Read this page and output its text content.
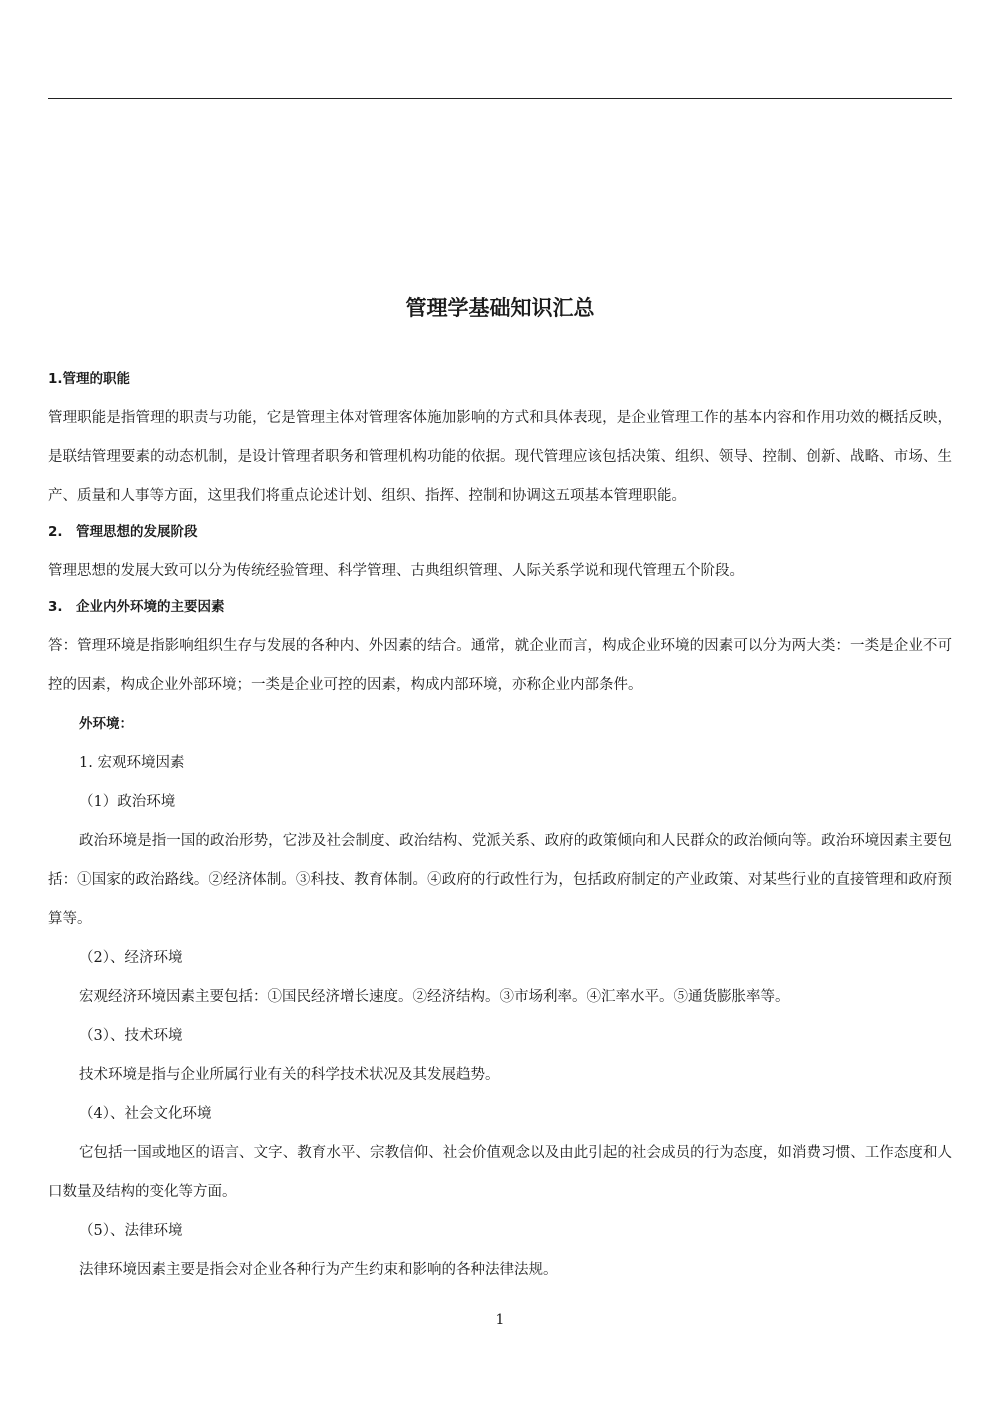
管理学基础知识汇总

1.管理的职能

管理职能是指管理的职责与功能，它是管理主体对管理客体施加影响的方式和具体表现，是企业管理工作的基本内容和作用功效的概括反映，是联结管理要素的动态机制，是设计管理者职务和管理机构功能的依据。现代管理应该包括决策、组织、领导、控制、创新、战略、市场、生产、质量和人事等方面，这里我们将重点论述计划、组织、指挥、控制和协调这五项基本管理职能。

2.　管理思想的发展阶段

管理思想的发展大致可以分为传统经验管理、科学管理、古典组织管理、人际关系学说和现代管理五个阶段。

3.　企业内外环境的主要因素

答：管理环境是指影响组织生存与发展的各种内、外因素的结合。通常，就企业而言，构成企业环境的因素可以分为两大类：一类是企业不可控的因素，构成企业外部环境；一类是企业可控的因素，构成内部环境，亦称企业内部条件。

外环境：

1. 宏观环境因素

（1）政治环境

政治环境是指一国的政治形势，它涉及社会制度、政治结构、党派关系、政府的政策倾向和人民群众的政治倾向等。政治环境因素主要包括：①国家的政治路线。②经济体制。③科技、教育体制。④政府的行政性行为，包括政府制定的产业政策、对某些行业的直接管理和政府预算等。

（2）、经济环境

宏观经济环境因素主要包括：①国民经济增长速度。②经济结构。③市场利率。④汇率水平。⑤通货膨胀率等。

（3）、技术环境

技术环境是指与企业所属行业有关的科学技术状况及其发展趋势。

（4）、社会文化环境

它包括一国或地区的语言、文字、教育水平、宗教信仰、社会价值观念以及由此引起的社会成员的行为态度，如消费习惯、工作态度和人口数量及结构的变化等方面。

（5）、法律环境

法律环境因素主要是指会对企业各种行为产生约束和影响的各种法律法规。

1
